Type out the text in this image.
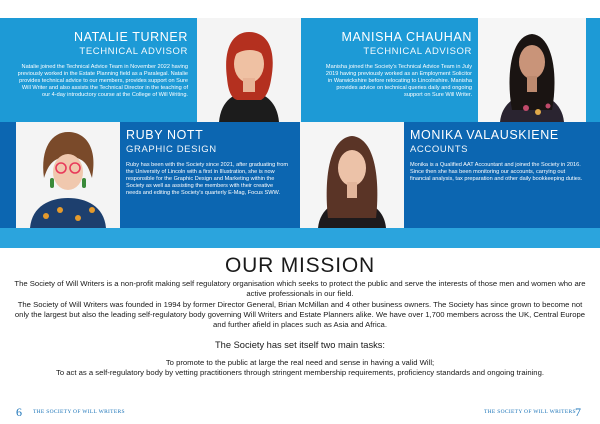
NATALIE TURNER
TECHNICAL ADVISOR
Natalie joined the Technical Advice Team in November 2022 having previously worked in the Estate Planning field as a Paralegal. Natalie provides technical advice to our members, provides support on Sure Will Writer and also assists the Technical Director in the teaching of our 4-day introductory course at the College of Will Writing.
MANISHA CHAUHAN
TECHNICAL ADVISOR
Manisha joined the Society's Technical Advice Team in July 2019 having previously worked as an Employment Solicitor in Warwickshire before relocating to Lincolnshire. Manisha provides advice on technical queries daily and ongoing support on Sure Will Writer.
RUBY NOTT
GRAPHIC DESIGN
Ruby has been with the Society since 2021, after graduating from the University of Lincoln with a first in Illustration, she is now responsible for the Graphic Design and Marketing within the Society as well as assisting the members with their creative needs and editing the Society's quarterly E-Mag, Focus SWW.
MONIKA VALAUSKIENE
ACCOUNTS
Monika is a Qualified AAT Accountant and joined the Society in 2016. Since then she has been monitoring our accounts, carrying out financial analysis, tax preparation and other daily bookkeeping duties.
OUR MISSION

The Society of Will Writers is a non-profit making self regulatory organisation which seeks to protect the public and serve the interests of those men and women who are active professionals in our field.

The Society of Will Writers was founded in 1994 by former Director General, Brian McMillan and 4 other business owners. The Society has since grown to become not only the largest but also the leading self-regulatory body governing Will Writers and Estate Planners alike. We have over 1,700 members across the UK, Central Europe and further afield in places such as Asia and Africa.

The Society has set itself two main tasks:

To promote to the public at large the real need and sense in having a valid Will;

To act as a self-regulatory body by vetting practitioners through stringent membership requirements, proficiency standards and ongoing training.

6 THE SOCIETY OF WILL WRITERS	THE SOCIETY OF WILL WRITERS 7
